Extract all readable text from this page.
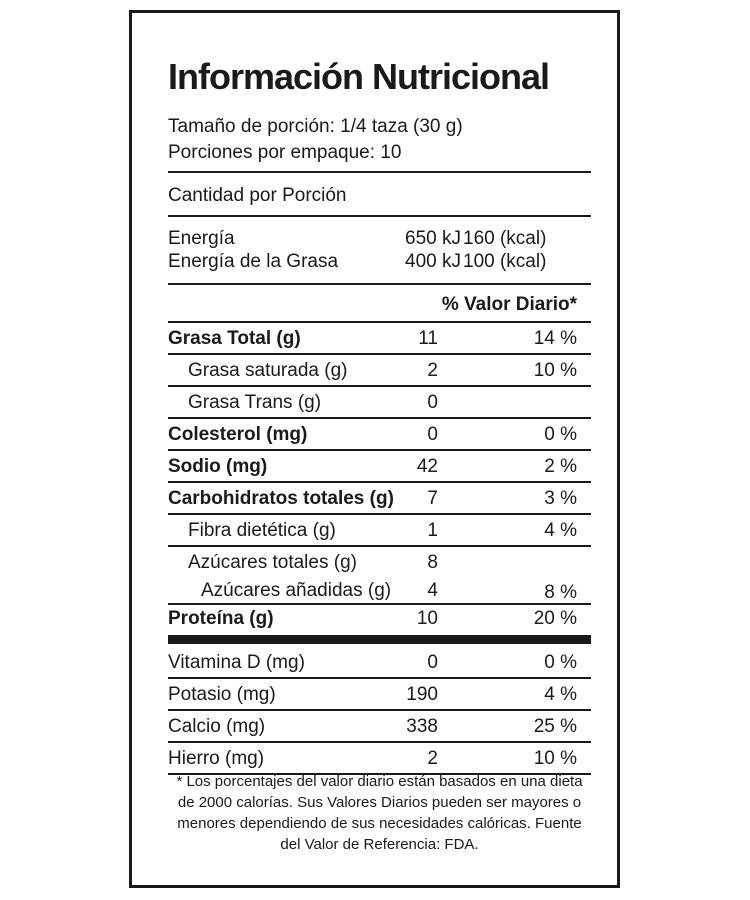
Información Nutricional
Tamaño de porción: 1/4 taza (30 g)
Porciones por empaque: 10
Cantidad por Porción
Energía	650 kJ 160 (kcal)
Energía de la Grasa	400 kJ 100 (kcal)
% Valor Diario*
Grasa Total (g)	11	14 %
Grasa saturada (g)	2	10 %
Grasa Trans (g)	0
Colesterol (mg)	0	0 %
Sodio (mg)	42	2 %
Carbohidratos totales (g) 7	3 %
Fibra dietética (g)	1	4 %
Azúcares totales (g)	8
Azúcares añadidas (g) 4	8 %
Proteína (g)	10	20 %
Vitamina D (mg)	0	0 %
Potasio (mg)	190	4 %
Calcio (mg)	338	25 %
Hierro (mg)	2	10 %
* Los porcentajes del valor diario están basados en una dieta de 2000 calorías. Sus Valores Diarios pueden ser mayores o menores dependiendo de sus necesidades calóricas. Fuente del Valor de Referencia: FDA.
